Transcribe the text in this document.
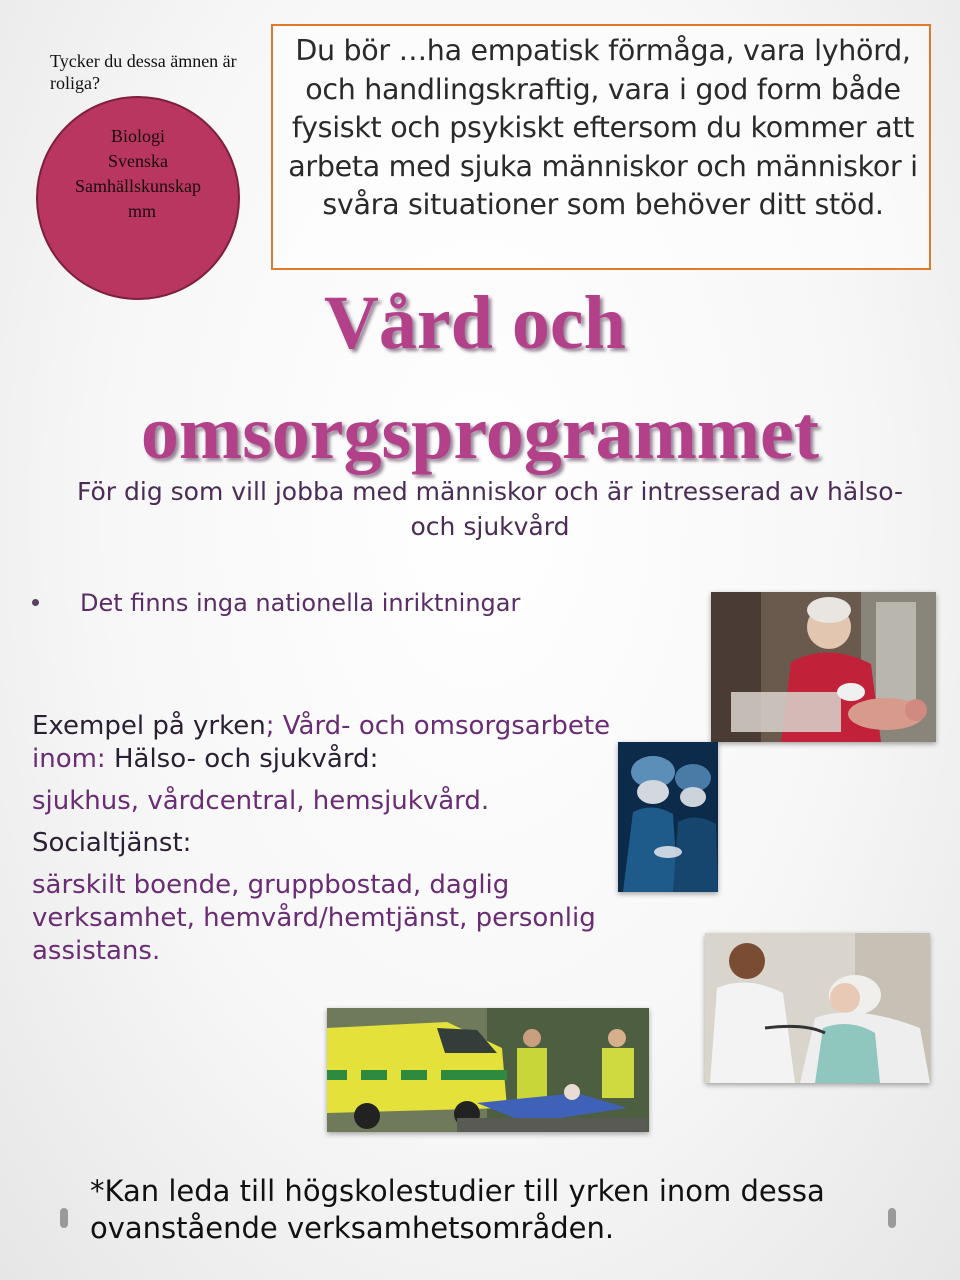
Tycker du dessa ämnen är roliga?
Biologi
Svenska
Samhällskunskap
mm
Du bör …ha empatisk förmåga, vara lyhörd, och handlingskraftig, vara i god form både fysiskt och psykiskt eftersom du kommer att arbeta med sjuka människor och människor i svåra situationer som behöver ditt stöd.
Vård och
omsorgsprogrammet
För dig som vill jobba med människor och är intresserad av hälso- och sjukvård
Det finns inga nationella inriktningar

Exempel på yrken; Vård- och omsorgsarbete

inom: Hälso- och sjukvård:

sjukhus, vårdcentral, hemsjukvård.

Socialtjänst:

särskilt boende, gruppbostad, daglig verksamhet, hemvård/hemtjänst, personlig assistans.

*Kan leda till högskolestudier till yrken inom dessa ovanstående verksamhetsområden.
